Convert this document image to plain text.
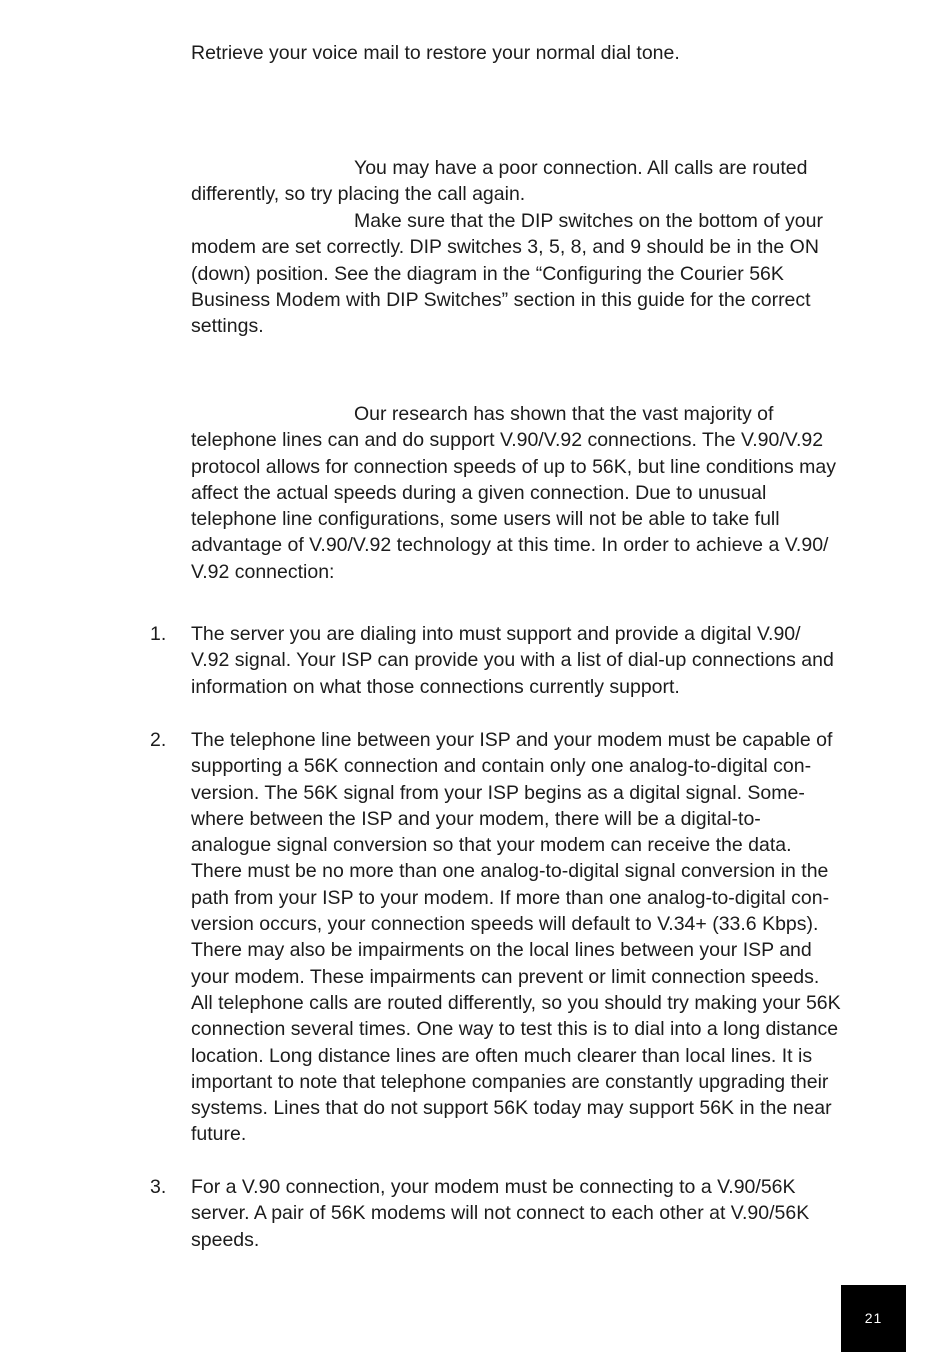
Retrieve your voice mail to restore your normal dial tone.

You may have a poor connection. All calls are routed differently, so try placing the call again.

Make sure that the DIP switches on the bottom of your modem are set correctly. DIP switches 3, 5, 8, and 9 should be in the ON (down) position. See the diagram in the “Configuring the Courier 56K Business Modem with DIP Switches” section in this guide for the correct settings.

Our research has shown that the vast majority of telephone lines can and do support V.90/V.92 connections. The V.90/V.92 protocol allows for connection speeds of up to 56K, but line conditions may affect the actual speeds during a given connection. Due to unusual telephone line configurations, some users will not be able to take full advantage of V.90/V.92 technology at this time. In order to achieve a V.90/ V.92 connection:

1. The server you are dialing into must support and provide a digital V.90/ V.92 signal. Your ISP can provide you with a list of dial-up connections and information on what those connections currently support.

2. The telephone line between your ISP and your modem must be capable of supporting a 56K connection and contain only one analog-to-digital conversion. The 56K signal from your ISP begins as a digital signal. Somewhere between the ISP and your modem, there will be a digital-to-analogue signal conversion so that your modem can receive the data. There must be no more than one analog-to-digital signal conversion in the path from your ISP to your modem. If more than one analog-to-digital conversion occurs, your connection speeds will default to V.34+ (33.6 Kbps). There may also be impairments on the local lines between your ISP and your modem. These impairments can prevent or limit connection speeds. All telephone calls are routed differently, so you should try making your 56K connection several times. One way to test this is to dial into a long distance location. Long distance lines are often much clearer than local lines. It is important to note that telephone companies are constantly upgrading their systems. Lines that do not support 56K today may support 56K in the near future.

3. For a V.90 connection, your modem must be connecting to a V.90/56K server. A pair of 56K modems will not connect to each other at V.90/56K speeds.

21
